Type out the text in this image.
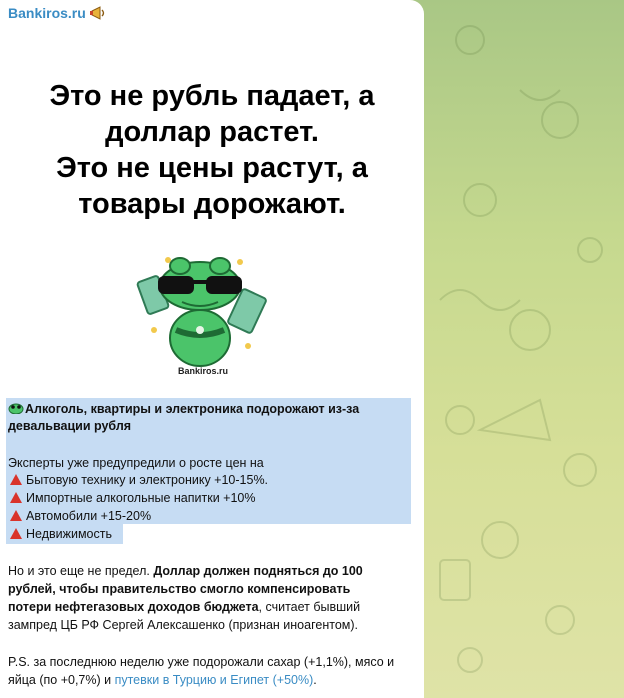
Bankiros.ru
Это не рубль падает, а
доллар растет.
Это не цены растут, а
товары дорожают.
Bankiros.ru
Алкоголь, квартиры и электроника подорожают из-за
девальвации рубля
Эксперты уже предупредили о росте цен на
Бытовую технику и электронику +10-15%.
Импортные алкогольные напитки +10%
Автомобили +15-20%
Недвижимость
Но и это еще не предел. Доллар должен подняться до 100
рублей, чтобы правительство смогло компенсировать
потери нефтегазовых доходов бюджета, считает бывший
зампред ЦБ РФ Сергей Алексашенко (признан иноагентом).
P.S. за последнюю неделю уже подорожали сахар (+1,1%), мясо и
яйца (по +0,7%) и путевки в Турцию и Египет (+50%).
